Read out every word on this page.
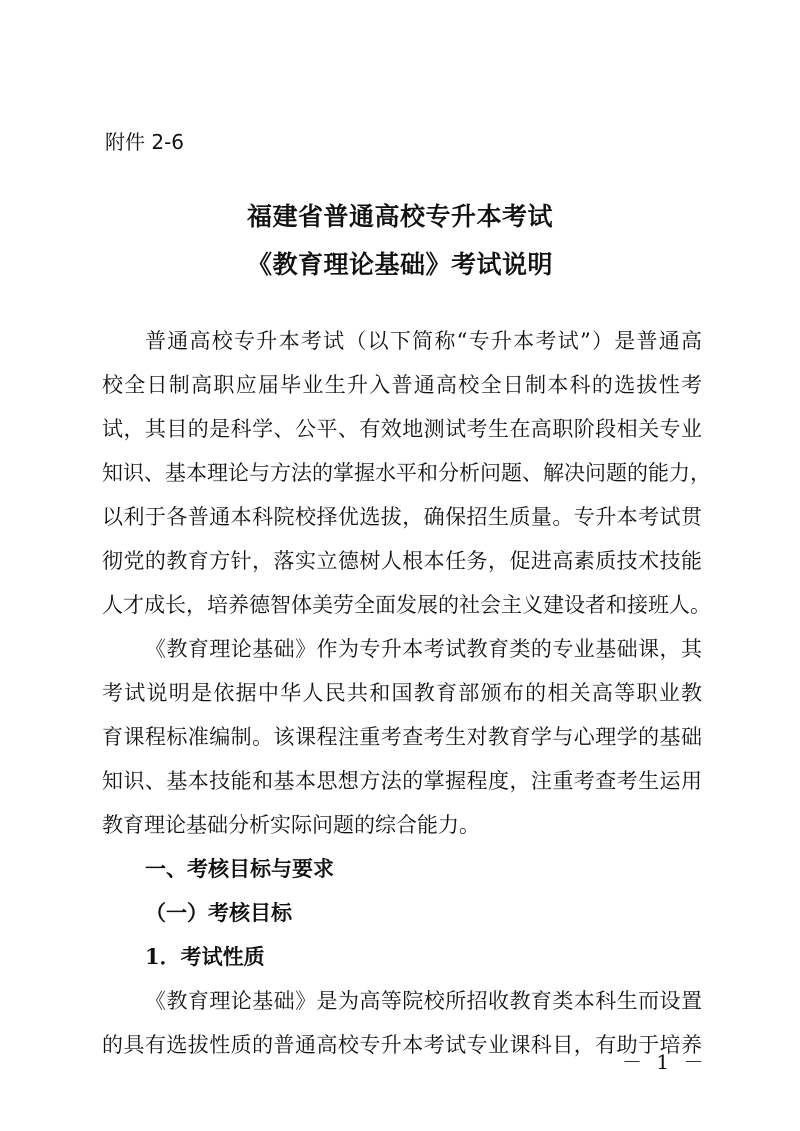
附件 2-6
福建省普通高校专升本考试
《教育理论基础》考试说明
普通高校专升本考试（以下简称“专升本考试”）是普通高
校全日制高职应届毕业生升入普通高校全日制本科的选拔性考
试，其目的是科学、公平、有效地测试考生在高职阶段相关专业
知识、基本理论与方法的掌握水平和分析问题、解决问题的能力，
以利于各普通本科院校择优选拔，确保招生质量。专升本考试贯
彻党的教育方针，落实立德树人根本任务，促进高素质技术技能
人才成长，培养德智体美劳全面发展的社会主义建设者和接班人。
《教育理论基础》作为专升本考试教育类的专业基础课，其
考试说明是依据中华人民共和国教育部颁布的相关高等职业教
育课程标准编制。该课程注重考查考生对教育学与心理学的基础
知识、基本技能和基本思想方法的掌握程度，注重考查考生运用
教育理论基础分析实际问题的综合能力。
一、考核目标与要求
（一）考核目标
1．考试性质
《教育理论基础》是为高等院校所招收教育类本科生而设置
的具有选拔性质的普通高校专升本考试专业课科目，有助于培养
－ 1 －
